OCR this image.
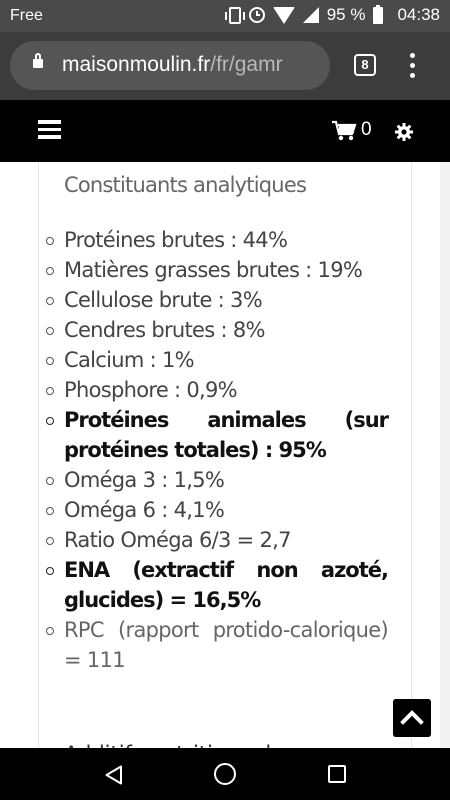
Free	95 % 04:38
maisonmoulin.fr/fr/gamr	8
0
Constituants analytiques
Protéines brutes : 44%
Matières grasses brutes : 19%
Cellulose brute : 3%
Cendres brutes : 8%
Calcium : 1%
Phosphore : 0,9%
Protéines animales (sur protéines totales) : 95%
Oméga 3 : 1,5%
Oméga 6 : 4,1%
Ratio Oméga 6/3 = 2,7
ENA (extractif non azoté, glucides) = 16,5%
RPC (rapport protido-calorique) = 111
